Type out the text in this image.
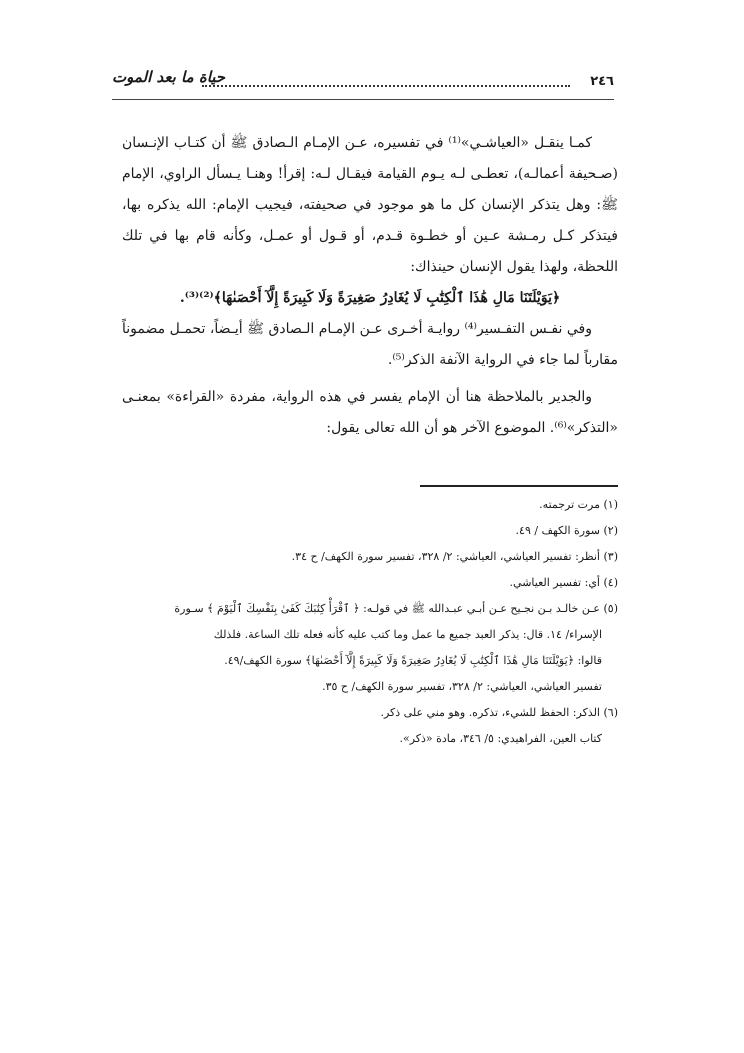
٢٤٦
حياة ما بعد الموت

كمـا ينقـل «العياشـي»⁽¹⁾ في تفسيره، عـن الإمـام الـصادق ﷺ أن كتـاب الإنـسان (صـحيفة أعمالـه)، تعطـى لـه يـوم القيامة فيقـال لـه: إقرأ! وهنـا يـسأل الراوي، الإمام ﷺ: وهل يتذكر الإنسان كل ما هو موجود في صحيفته، فيجيب الإمام: الله يذكره بها، فيتذكر كـل رمـشة عـين أو خطـوة قـدم، أو قـول أو عمـل، وكأنه قام بها في تلك اللحظة، ولهذا يقول الإنسان حينذاك:

﴿يَوَيْلَتَنَا مَالِ هَٰذَا ٱلْكِتَٰبِ لَا يُغَادِرُ صَغِيرَةً وَلَا كَبِيرَةً إِلَّآ أَحْصَىٰهَا﴾⁽²⁾⁽³⁾.

وفي نفـس التفـسير⁽⁴⁾ روايـة أخـرى عـن الإمـام الـصادق ﷺ أيـضاً، تحمـل مضموناً مقارباً لما جاء في الرواية الآنفة الذكر⁽⁵⁾.

والجدير بالملاحظة هنا أن الإمام يفسر في هذه الرواية، مفردة «القراءة» بمعنـى «التذكر»⁽⁶⁾. الموضوع الآخر هو أن الله تعالى يقول:

(١) مرت ترجمته.

(٢) سورة الكهف / ٤٩.

(٣) أنظر: تفسير العياشي، العياشي: ٢/ ٣٢٨، تفسير سورة الكهف/ ح ٣٤.

(٤) أي: تفسير العياشي.

(٥) عـن خالـد بـن نجـيح عـن أبـي عبـدالله ﷺ في قولـه: ﴿ ٱقْرَأْ كِتَٰبَكَ كَفَىٰ بِنَفْسِكَ ٱلْيَوْمَ ﴾ سـورة

الإسراء/ ١٤. قال: يذكر العبد جميع ما عمل وما كتب عليه كأنه فعله تلك الساعة. فلذلك

قالوا: ﴿يَوَيْلَتَنَا مَالِ هَٰذَا ٱلْكِتَٰبِ لَا يُغَادِرُ صَغِيرَةً وَلَا كَبِيرَةً إِلَّآ أَحْصَىٰهَا﴾ سورة الكهف/٤٩.

تفسير العياشي، العياشي: ٢/ ٣٢٨، تفسير سورة الكهف/ ح ٣٥.

(٦) الذكر: الحفظ للشيء، تذكره. وهو مني على ذكر.

كتاب العين، الفراهيدي: ٥/ ٣٤٦، مادة «ذكر».
